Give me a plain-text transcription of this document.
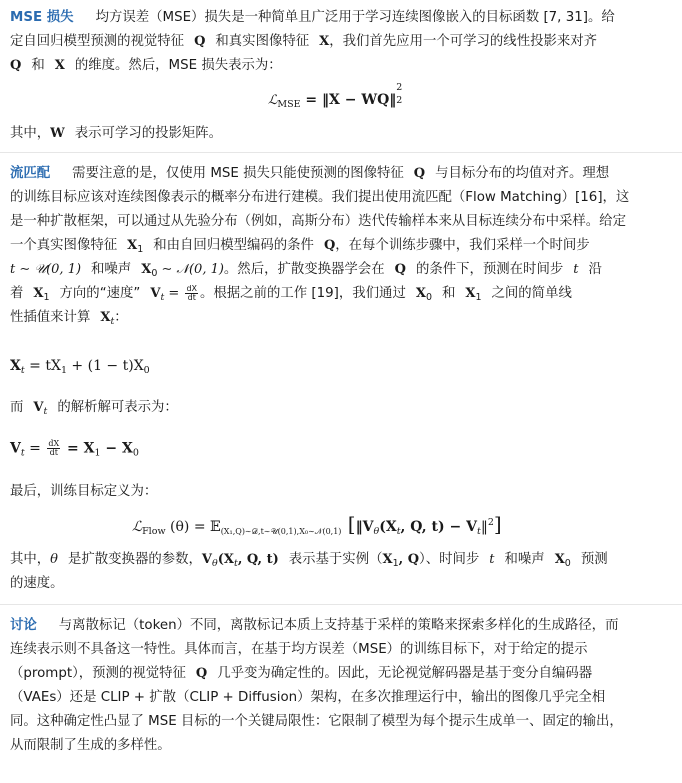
MSE 损失 均方误差（MSE）损失是一种简单且广泛用于学习连续图像嵌入的目标函数 [7, 31]。给
定自回归模型预测的视觉特征 Q 和真实图像特征 X，我们首先应用一个可学习的线性投影来对齐
Q 和 X 的维度。然后，MSE 损失表示为：
ℒ$_{MSE}$ = ‖X − WQ‖
2
2
其中，W 表示可学习的投影矩阵。
流匹配 需要注意的是，仅使用 MSE 损失只能使预测的图像特征 Q 与目标分布的均值对齐。理想
的训练目标应该对连续图像表示的概率分布进行建模。我们提出使用流匹配（Flow Matching）[16]，这
是一种扩散框架，可以通过从先验分布（例如，高斯分布）迭代传输样本来从目标连续分布中采样。给定
一个真实图像特征 $X_1$ 和由自回归模型编码的条件 Q，在每个训练步骤中，我们采样一个时间步
t ∼ 𝒰(0, 1) 和噪声 $X_0$ ∼ 𝒩(0, 1)。然后，扩散变换器学会在 Q 的条件下，预测在时间步 t 沿
着 $X_1$ 方向的“速度” $V_t = \frac{dX}{dt}$ 。根据之前的工作 [19]，我们通过 $X_0$ 和 $X_1$ 之间的简单线
性插值来计算 $X_t$：
$X_t = tX_1 + (1 - t)X_0$
而 $V_t$ 的解析解可表示为：
$V_t = \frac{dX}{dt} = X_1 - X_0$
最后，训练目标定义为：
ℒ$_{Flow}$ (θ) = 𝔼$_{(X_1,Q)\sim 𝒟,t\sim 𝒰(0,1),X_0\sim 𝒩(0,1)}$ [$‖V_\theta(X_t$, Q, $t) - V_t‖^2$]
其中，θ 是扩散变换器的参数，$V_\theta(X_t$, Q, t) 表示基于实例（$X_1$, Q）、时间步 t 和噪声 $X_0$ 预测
的速度。
讨论 与离散标记（token）不同，离散标记本质上支持基于采样的策略来探索多样化的生成路径，而
连续表示则不具备这一特性。具体而言，在基于均方误差（MSE）的训练目标下，对于给定的提示
（prompt），预测的视觉特征 Q 几乎变为确定性的。因此，无论视觉解码器是基于变分自编码器
（VAEs）还是 CLIP + 扩散（CLIP + Diffusion）架构，在多次推理运行中，输出的图像几乎完全相
同。这种确定性凸显了 MSE 目标的一个关键局限性：它限制了模型为每个提示生成单一、固定的输出，
从而限制了生成的多样性。
